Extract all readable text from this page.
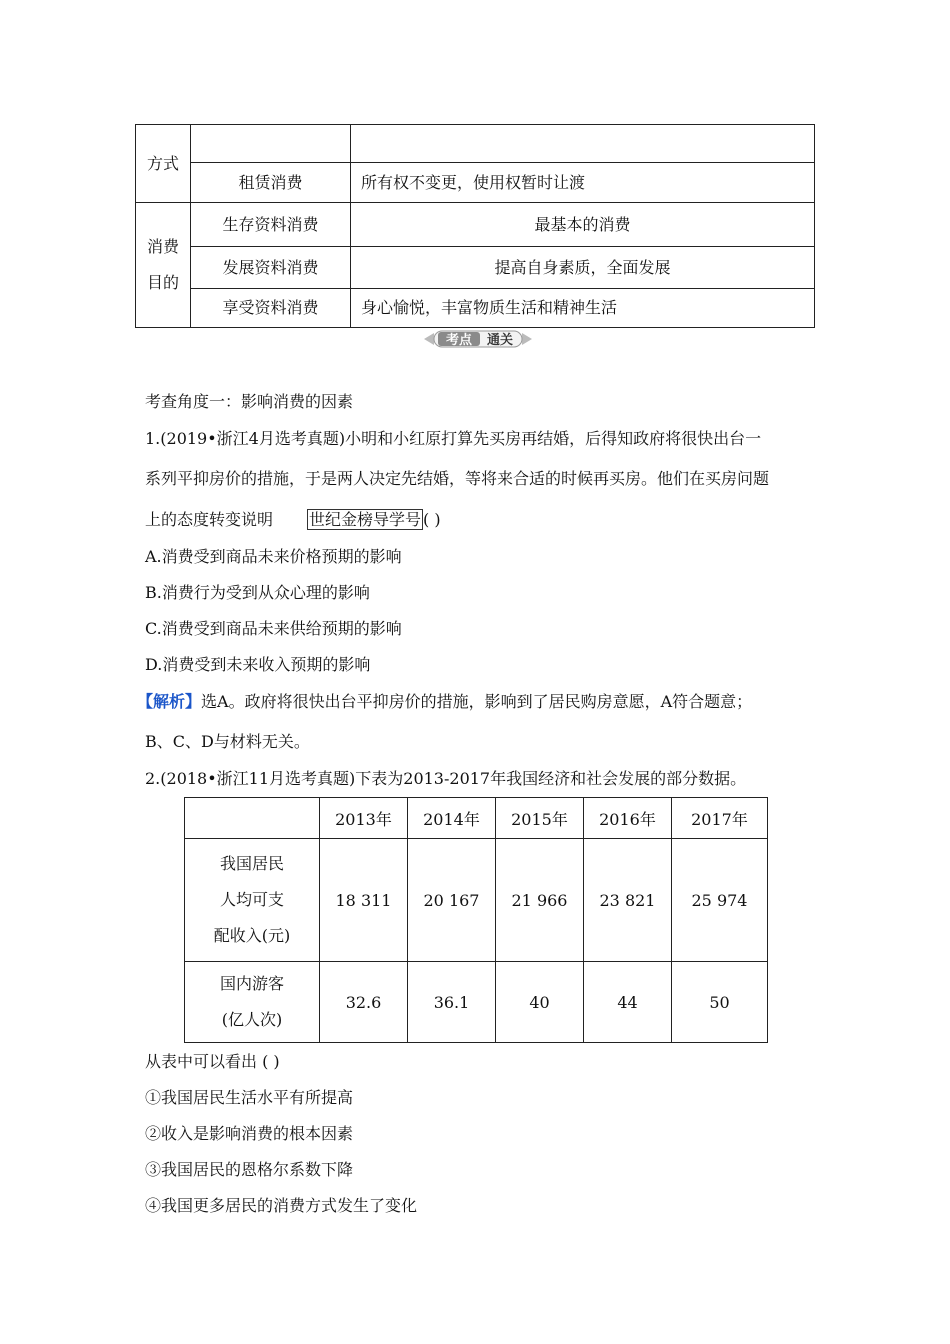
方式		
	租赁消费	所有权不变更，使用权暂时让渡

消费
目的	生存资料消费	最基本的消费
	发展资料消费	提高自身素质，全面发展
	享受资料消费	身心愉悦，丰富物质生活和精神生活
考点 通关
考查角度一：影响消费的因素
1.(2019•浙江4月选考真题)小明和小红原打算先买房再结婚，后得知政府将很快出台一
系列平抑房价的措施，于是两人决定先结婚，等将来合适的时候再买房。他们在买房问题
上的态度转变说明 世纪金榜导学号 ( )
A.消费受到商品未来价格预期的影响
B.消费行为受到从众心理的影响
C.消费受到商品未来供给预期的影响
D.消费受到未来收入预期的影响
【解析】选A。政府将很快出台平抑房价的措施，影响到了居民购房意愿，A符合题意；
B、C、D与材料无关。
2.(2018•浙江11月选考真题)下表为2013-2017年我国经济和社会发展的部分数据。
	2013年	2014年	2015年	2016年	2017年

我国居民
人均可支
配收入(元)	18 311	20 167	21 966	23 821	25 974

国内游客
(亿人次)	32.6	36.1	40	44	50
从表中可以看出 ( )
①我国居民生活水平有所提高
②收入是影响消费的根本因素
③我国居民的恩格尔系数下降
④我国更多居民的消费方式发生了变化
